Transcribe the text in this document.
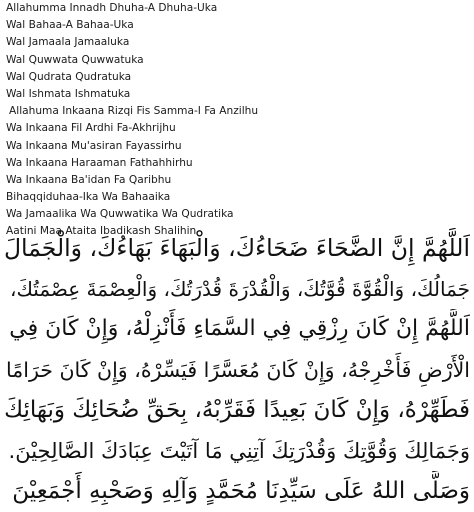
Allahumma Innadh Dhuha-A Dhuha-Uka
Wal Bahaa-A Bahaa-Uka
Wal Jamaala Jamaaluka
Wal Quwwata Quwwatuka
Wal Qudrata Qudratuka
Wal Ishmata Ishmatuka
Allahuma Inkaana Rizqi Fis Samma-I Fa Anzilhu
Wa Inkaana Fil Ardhi Fa-Akhrijhu
Wa Inkaana Mu'asiran Fayassirhu
Wa Inkaana Haraaman Fathahhirhu
Wa Inkaana Ba'idan Fa Qaribhu
Bihaqqiduhaa-Ika Wa Bahaaika
Wa Jamaalika Wa Quwwatika Wa Qudratika
Aatini Maa Ataita Ibadikash Shalihin
اَللَّهُمَّ إِنَّ الضَّحَاءَ ضَحَاءُكَ، وَالْبَهَاءَ بَهَاءُكَ، وَالْجَمَالَ
جَمَالُكَ، وَالْقُوَّةَ قُوَّتُكَ، وَالْقُدْرَةَ قُدْرَتُكَ، وَالْعِصْمَةَ عِصْمَتُكَ،
اَللَّهُمَّ إِنْ كَانَ رِزْقِي فِي السَّمَاءِ فَأَنْزِلْهُ، وَإِنْ كَانَ فِي
الْأَرْضِ فَأَخْرِجْهُ، وَإِنْ كَانَ مُعَسَّرًا فَيَسِّرْهُ، وَإِنْ كَانَ حَرَامًا
فَطَهِّرْهُ، وَإِنْ كَانَ بَعِيدًا فَقَرِّبْهُ، بِحَقِّ ضُحَائِكَ وَبَهَائِكَ
وَجَمَالِكَ وَقُوَّتِكَ وَقُدْرَتِكَ آتِنِي مَا آتَيْتَ عِبَادَكَ الصَّالِحِيْنَ.
وَصَلَّى اللهُ عَلَى سَيِّدِنَا مُحَمَّدٍ وَآلِهِ وَصَحْبِهِ أَجْمَعِيْنَ
